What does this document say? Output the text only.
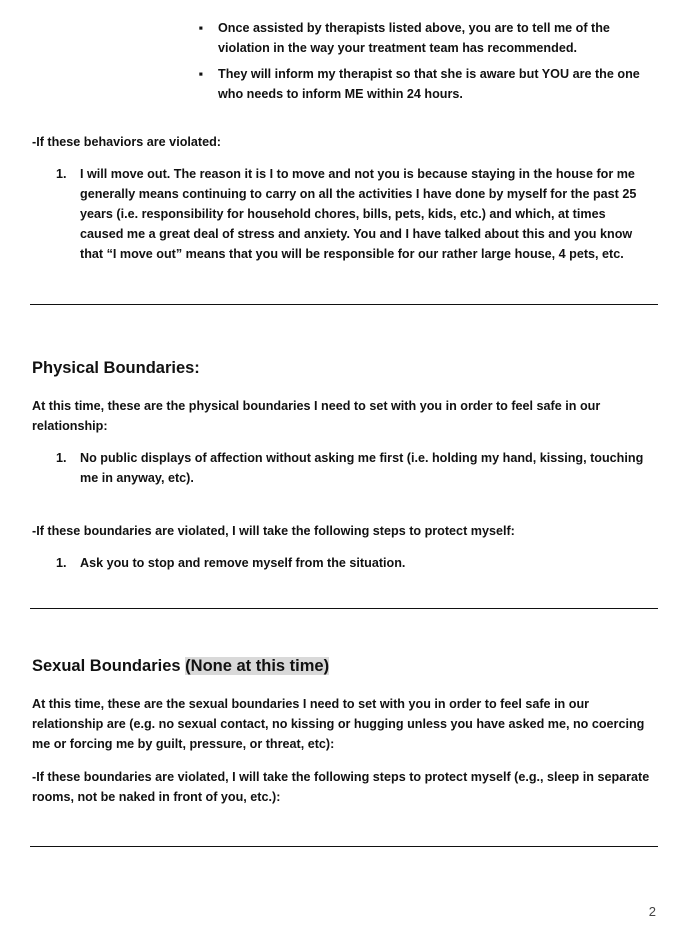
▪ Once assisted by therapists listed above, you are to tell me of the violation in the way your treatment team has recommended.
▪ They will inform my therapist so that she is aware but YOU are the one who needs to inform ME within 24 hours.
-If these behaviors are violated:
1. I will move out. The reason it is I to move and not you is because staying in the house for me generally means continuing to carry on all the activities I have done by myself for the past 25 years (i.e. responsibility for household chores, bills, pets, kids, etc.) and which, at times caused me a great deal of stress and anxiety. You and I have talked about this and you know that “I move out” means that you will be responsible for our rather large house, 4 pets, etc.
Physical Boundaries:
At this time, these are the physical boundaries I need to set with you in order to feel safe in our relationship:
1. No public displays of affection without asking me first (i.e. holding my hand, kissing, touching me in anyway, etc).
-If these boundaries are violated, I will take the following steps to protect myself:
1. Ask you to stop and remove myself from the situation.
Sexual Boundaries (None at this time)
At this time, these are the sexual boundaries I need to set with you in order to feel safe in our relationship are (e.g. no sexual contact, no kissing or hugging unless you have asked me, no coercing me or forcing me by guilt, pressure, or threat, etc):
-If these boundaries are violated, I will take the following steps to protect myself (e.g., sleep in separate rooms, not be naked in front of you, etc.):
2
